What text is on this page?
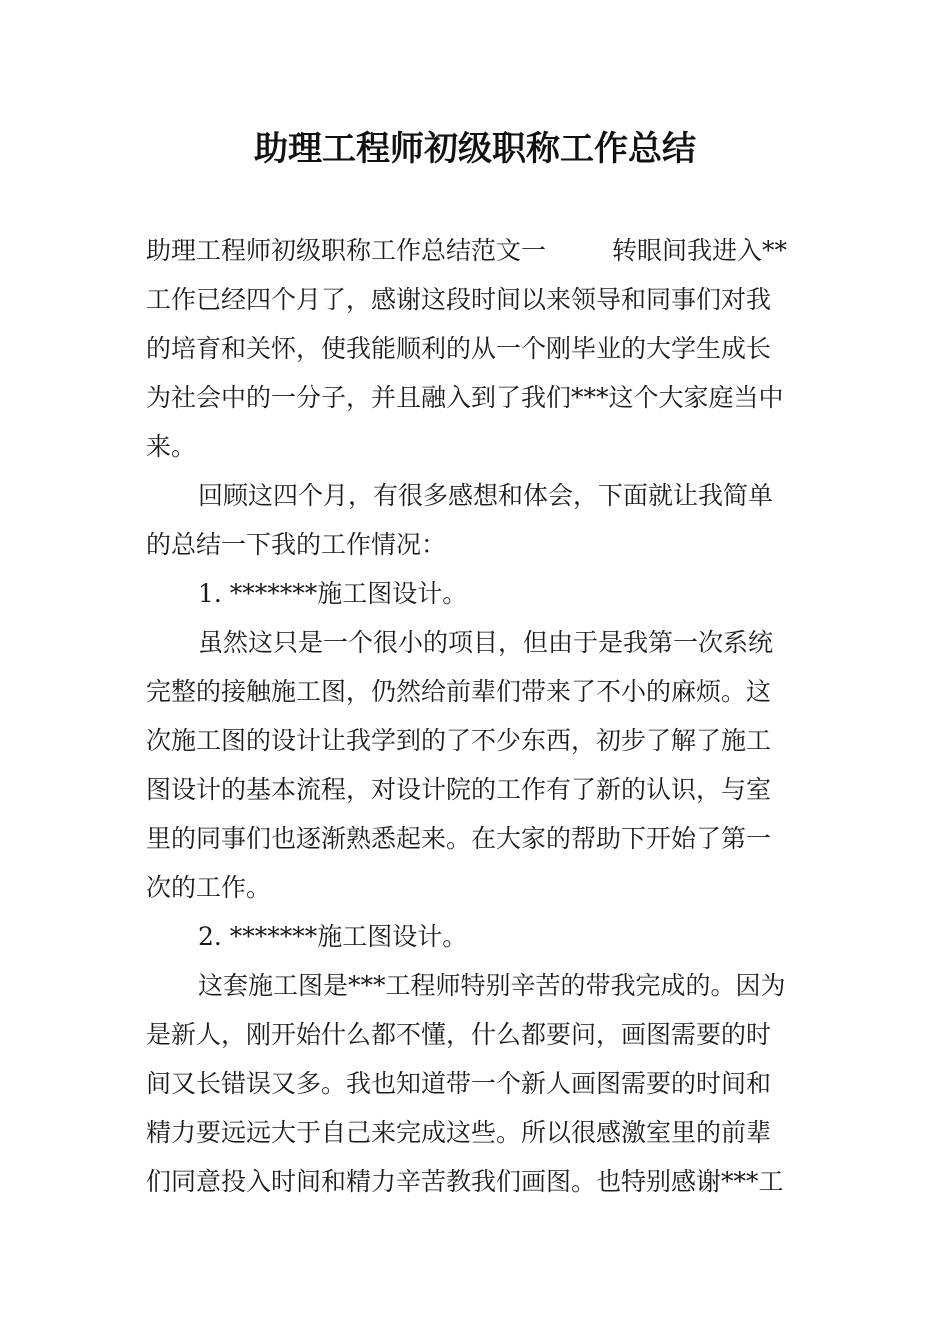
助理工程师初级职称工作总结
助理工程师初级职称工作总结范文一	转眼间我进入**
工作已经四个月了，感谢这段时间以来领导和同事们对我
的培育和关怀，使我能顺利的从一个刚毕业的大学生成长
为社会中的一分子，并且融入到了我们***这个大家庭当中
来。
回顾这四个月，有很多感想和体会，下面就让我简单
的总结一下我的工作情况：
1. *******施工图设计。
虽然这只是一个很小的项目，但由于是我第一次系统
完整的接触施工图，仍然给前辈们带来了不小的麻烦。这
次施工图的设计让我学到的了不少东西，初步了解了施工
图设计的基本流程，对设计院的工作有了新的认识，与室
里的同事们也逐渐熟悉起来。在大家的帮助下开始了第一
次的工作。
2. *******施工图设计。
这套施工图是***工程师特别辛苦的带我完成的。因为
是新人，刚开始什么都不懂，什么都要问，画图需要的时
间又长错误又多。我也知道带一个新人画图需要的时间和
精力要远远大于自己来完成这些。所以很感激室里的前辈
们同意投入时间和精力辛苦教我们画图。也特别感谢***工
